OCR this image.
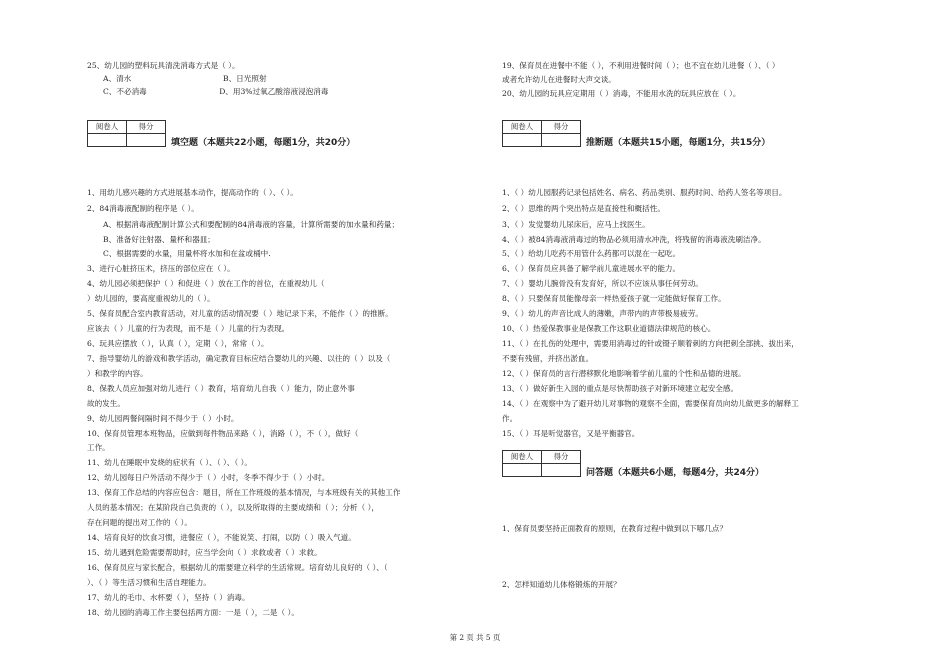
25、幼儿园的塑料玩具清洗消毒方式是（ ）。
A、清水                                      B、日光照射
C、不必消毒                              D、用3%过氧乙酸溶液浸泡消毒
阅卷人	得分

填空题（本题共22小题，每题1分，共20分）
1、用幼儿感兴趣的方式进展基本动作，提高动作的（ ）、（ ）。
2、84消毒液配制的程序是（ ）。
A、根据消毒液配制计算公式和要配制的84消毒液的容量，计算所需要的加水量和药量；
B、准备好注射器、量杯和器皿；
C、根据需要的水量，用量杯将水加和在盆或桶中.
3、进行心脏挤压术，挤压的部位应在（ ）。
4、幼儿园必须把保护（ ）和促进（ ）放在工作的首位，在重视幼儿（
）幼儿园的，要高度重视幼儿的（ ）。
5、保育员配合室内教育活动，对儿童的活动情况要（ ）地记录下来，不能作（ ）的推断。
应该去（ ）儿童的行为表现，而不是（ ）儿童的行为表现。
6、玩具应摆放（ ），认真（ ），定期（ ），常常（ ）。
7、指导婴幼儿的游戏和教学活动，确定教育目标应结合婴幼儿的兴趣、以往的（ ）以及（
）和教学的内容。
8、保教人员应加强对幼儿进行（ ）教育，培育幼儿自我（ ）能力，防止意外事
故的发生。
9、幼儿园两餐间隔时间不得少于（ ）小时。
10、保育员管理本班物品，应做到每件物品来路（ ），消路（ ），不（ ），做好（
工作。
11、幼儿在睡眠中发烧的症状有（ ）、（ ）、（ ）。
12、幼儿园每日户外活动不得少于（ ）小时，冬季不得少于（ ）小时。
13、保育工作总结的内容应包含：题目，所在工作班级的基本情况，与本班级有关的其他工作
人员的基本情况；在某阶段自己负责的（ ），以及所取得的主要成绩和（ ）；分析（ ），
存在问题的提出对工作的（ ）。
14、培育良好的饮食习惯，进餐应（ ），不能说笑、打闹，以防（ ）吸入气道。
15、幼儿遇到危险需要帮助时，应当学会向（ ）求救或者（ ）求救。
16、保育员应与家长配合，根据幼儿的需要建立科学的生活常规。培育幼儿良好的（ ）、（
）、（ ）等生活习惯和生活自理能力。
17、幼儿的毛巾、水杯要（ ），坚持（ ）消毒。
18、幼儿园的消毒工作主要包括两方面：一是（ ），二是（ ）。
19、保育员在进餐中不能（ ），不利用进餐时间（ ）；也不宜在幼儿进餐（ ）、（ ）
或者允许幼儿在进餐时大声交谈。
20、幼儿园的玩具应定期用（ ）消毒，不能用水洗的玩具应放在（ ）。
阅卷人	得分

推断题（本题共15小题，每题1分，共15分）
1、（ ）幼儿园服药记录包括姓名、病名、药品类别、服药时间、给药人签名等项目。
2、（ ）思维的两个突出特点是直接性和概括性。
3、（ ）发觉婴幼儿尿床后，应马上找医生。
4、（ ）被84消毒液消毒过的物品必须用清水冲洗，将残留的消毒液洗刷洁净。
5、（ ）给幼儿吃药不用管什么药都可以混在一起吃。
6、（ ）保育员应具备了解学前儿童进展水平的能力。
7、（ ）婴幼儿腕骨没有发育好，所以不应该从事任何劳动。
8、（ ）只要保育员能像母亲一样热爱孩子就一定能做好保育工作。
9、（ ）幼儿的声音比成人的薄嫩，声带内的声带极易疲劳。
10、（ ）热爱保教事业是保教工作这职业道德法律规范的核心。
11、（ ）在扎伤的处理中，需要用消毒过的针或镊子顺着刺的方向把刺全部挑、拔出来，
不要有残留，并挤出淤血。
12、（ ）保育员的言行潜移默化地影响着学前儿童的个性和品德的进展。
13、（ ）做好新生入园的重点是尽快帮助孩子对新环境建立起安全感。
14、（ ）在观察中为了避开幼儿对事物的观察不全面，需要保育员向幼儿做更多的解释工
作。
15、（ ）耳是听觉器官，又是平衡器官。
阅卷人	得分

问答题（本题共6小题，每题4分，共24分）
1、保育员要坚持正面教育的原则，在教育过程中做到以下哪几点？
2、怎样知道幼儿体格锻炼的开展？
第 2 页 共 5 页
